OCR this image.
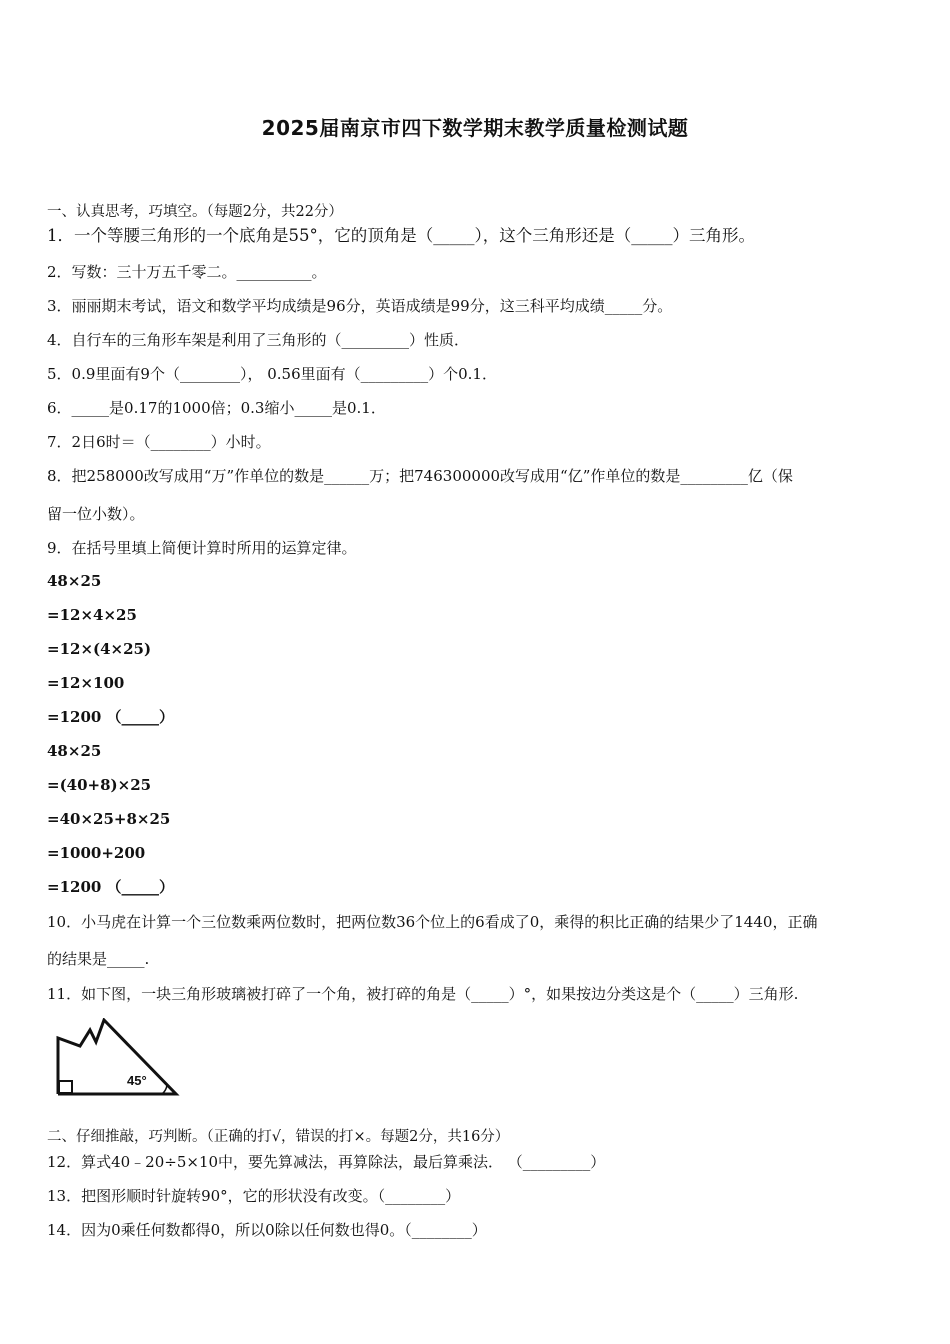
2025届南京市四下数学期末教学质量检测试题
一、认真思考，巧填空。（每题2分，共22分）
1．一个等腰三角形的一个底角是55°，它的顶角是（_____），这个三角形还是（_____）三角形。
2．写数：三十万五千零二。__________。
3．丽丽期末考试，语文和数学平均成绩是96分，英语成绩是99分，这三科平均成绩_____分。
4．自行车的三角形车架是利用了三角形的（_________）性质．
5．0.9里面有9个（________）， 0.56里面有（_________）个0.1．
6．_____是0.17的1000倍；0.3缩小_____是0.1．
7．2日6时＝（________）小时。
8．把258000改写成用“万”作单位的数是______万；把746300000改写成用“亿”作单位的数是_________亿（保
留一位小数）。
9．在括号里填上简便计算时所用的运算定律。
48×25
=12×4×25
=12×(4×25)
=12×100
=1200 （_____）
48×25
=(40+8)×25
=40×25+8×25
=1000+200
=1200 （_____）
10．小马虎在计算一个三位数乘两位数时，把两位数36个位上的6看成了0，乘得的积比正确的结果少了1440，正确
的结果是_____.
11．如下图，一块三角形玻璃被打碎了一个角，被打碎的角是（_____）°，如果按边分类这是个（_____）三角形.
45°
二、仔细推敲，巧判断。（正确的打√，错误的打×。每题2分，共16分）
12．算式40﹣20÷5×10中，要先算减法，再算除法，最后算乘法． （_________）
13．把图形顺时针旋转90°，它的形状没有改变。（________）
14．因为0乘任何数都得0，所以0除以任何数也得0。（________）
